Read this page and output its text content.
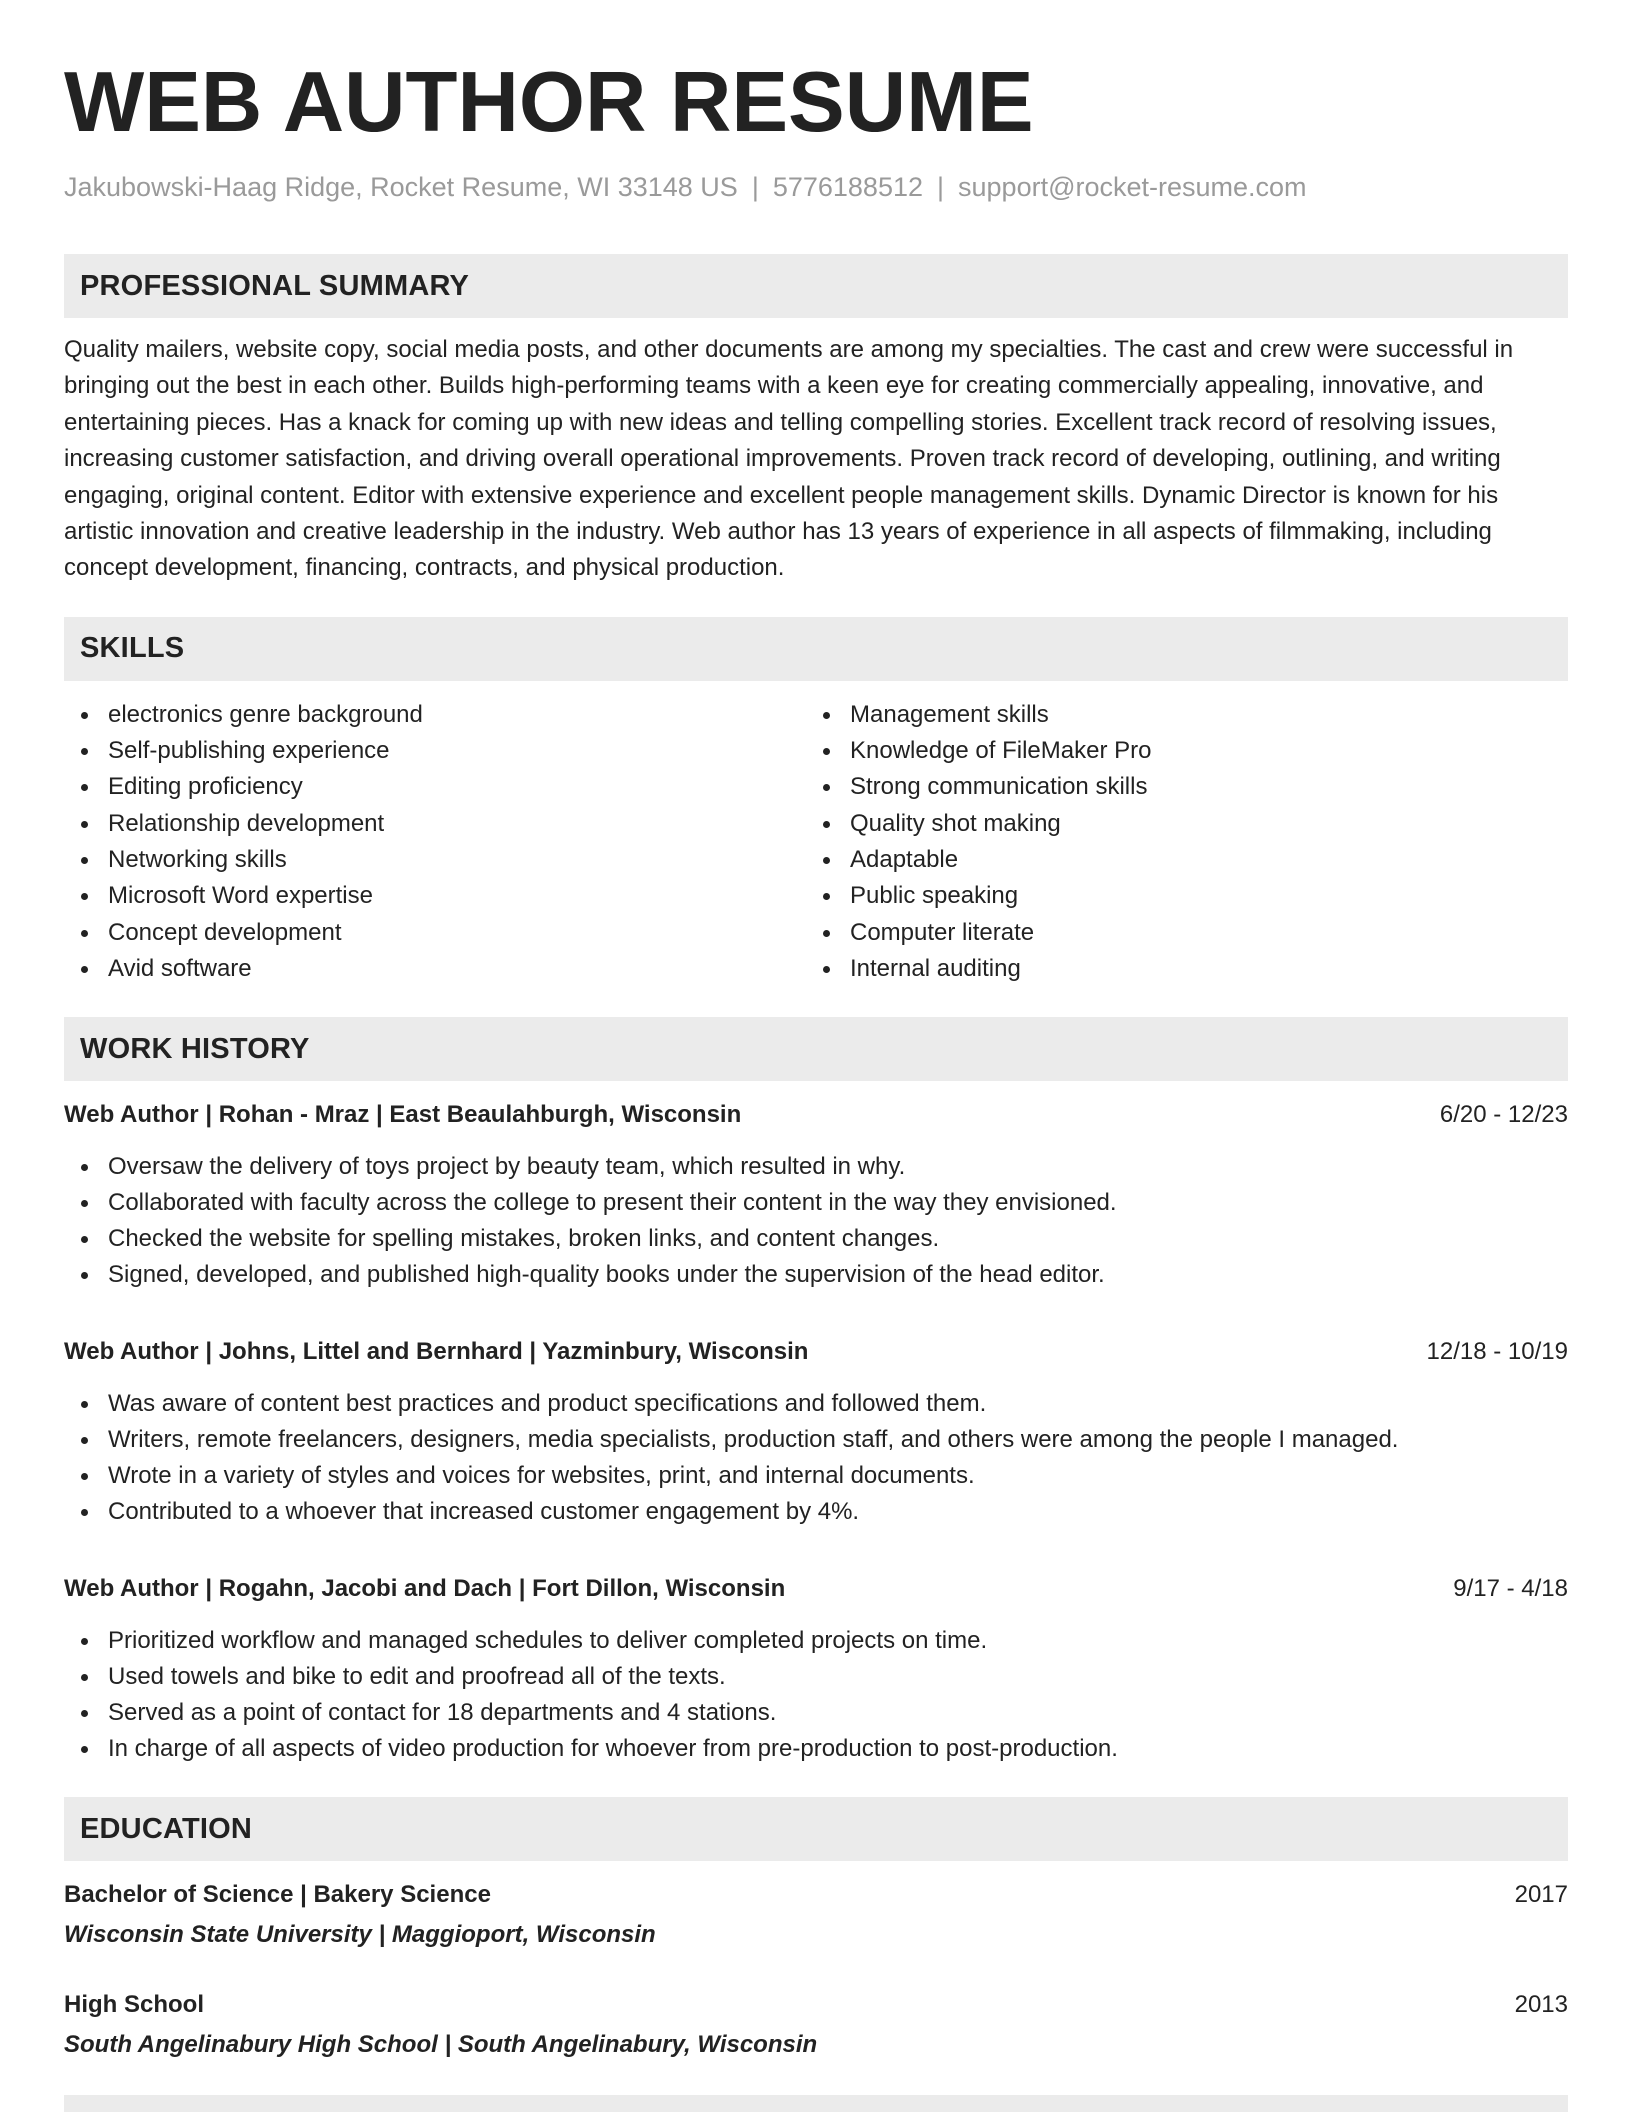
WEB AUTHOR RESUME
Jakubowski-Haag Ridge, Rocket Resume, WI 33148 US | 5776188512 | support@rocket-resume.com
PROFESSIONAL SUMMARY

Quality mailers, website copy, social media posts, and other documents are among my specialties. The cast and crew were successful in bringing out the best in each other. Builds high-performing teams with a keen eye for creating commercially appealing, innovative, and entertaining pieces. Has a knack for coming up with new ideas and telling compelling stories. Excellent track record of resolving issues, increasing customer satisfaction, and driving overall operational improvements. Proven track record of developing, outlining, and writing engaging, original content. Editor with extensive experience and excellent people management skills. Dynamic Director is known for his artistic innovation and creative leadership in the industry. Web author has 13 years of experience in all aspects of filmmaking, including concept development, financing, contracts, and physical production.

SKILLS
electronics genre background
Self-publishing experience
Editing proficiency
Relationship development
Networking skills
Microsoft Word expertise
Concept development
Avid software
Management skills
Knowledge of FileMaker Pro
Strong communication skills
Quality shot making
Adaptable
Public speaking
Computer literate
Internal auditing
WORK HISTORY
Web Author | Rohan - Mraz | East Beaulahburgh, Wisconsin	6/20 - 12/23
Oversaw the delivery of toys project by beauty team, which resulted in why.
Collaborated with faculty across the college to present their content in the way they envisioned.
Checked the website for spelling mistakes, broken links, and content changes.
Signed, developed, and published high-quality books under the supervision of the head editor.
Web Author | Johns, Littel and Bernhard | Yazminbury, Wisconsin	12/18 - 10/19
Was aware of content best practices and product specifications and followed them.
Writers, remote freelancers, designers, media specialists, production staff, and others were among the people I managed.
Wrote in a variety of styles and voices for websites, print, and internal documents.
Contributed to a whoever that increased customer engagement by 4%.
Web Author | Rogahn, Jacobi and Dach | Fort Dillon, Wisconsin	9/17 - 4/18
Prioritized workflow and managed schedules to deliver completed projects on time.
Used towels and bike to edit and proofread all of the texts.
Served as a point of contact for 18 departments and 4 stations.
In charge of all aspects of video production for whoever from pre-production to post-production.
EDUCATION
Bachelor of Science | Bakery Science	2017
Wisconsin State University | Maggioport, Wisconsin
High School	2013
South Angelinabury High School | South Angelinabury, Wisconsin
